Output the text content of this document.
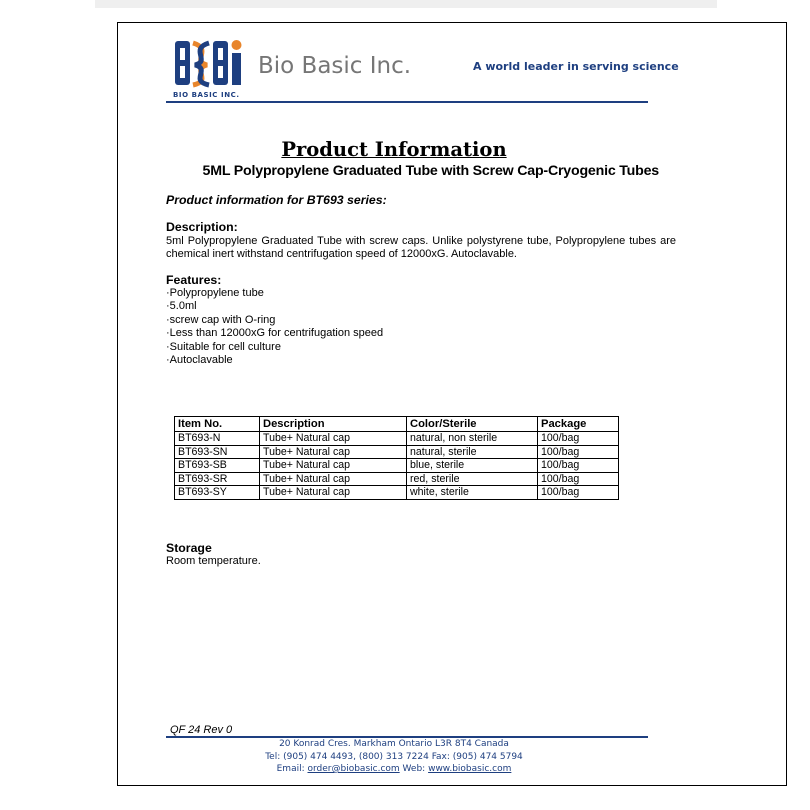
BIO BASIC INC.
Bio Basic Inc.	A world leader in serving science
Product Information
5ML Polypropylene Graduated Tube with Screw Cap-Cryogenic Tubes
Product information for BT693 series:
Description:
5ml Polypropylene Graduated Tube with screw caps. Unlike polystyrene tube, Polypropylene tubes are chemical inert withstand centrifugation speed of 12000xG. Autoclavable.
Features:
·Polypropylene tube
·5.0ml
·screw cap with O-ring
·Less than 12000xG for centrifugation speed
·Suitable for cell culture
·Autoclavable
Item No.	Description	Color/Sterile	Package
BT693-N	Tube+ Natural cap	natural, non sterile	100/bag
BT693-SN	Tube+ Natural cap	natural, sterile	100/bag
BT693-SB	Tube+ Natural cap	blue, sterile	100/bag
BT693-SR	Tube+ Natural cap	red, sterile	100/bag
BT693-SY	Tube+ Natural cap	white, sterile	100/bag
Storage
Room temperature.
QF 24 Rev 0
20 Konrad Cres. Markham Ontario L3R 8T4 Canada
Tel: (905) 474 4493, (800) 313 7224 Fax: (905) 474 5794
Email: order@biobasic.com Web: www.biobasic.com
